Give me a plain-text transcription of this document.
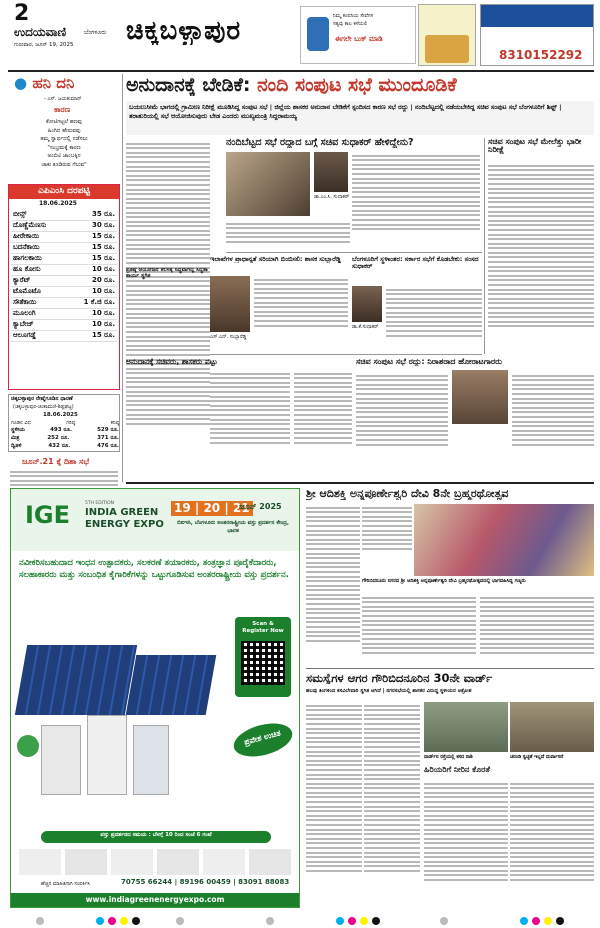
2
ಉದಯವಾಣಿ	ಬೆಂಗಳೂರು
ಗುರುವಾರ, ಜೂನ್ 19, 2025 ಚಿಕ್ಕಬಳ್ಳಾಪುರ	ನಿಮ್ಮ ಕಂಪನಿಯ ಸೇವೆಗಳ
ಸತ್ಯವು ಕಾಲ ಕಳೆಯಲಿ
ಈಗಲೇ ಬುಕ್ ಮಾಡಿ
8310152292
● ಹನಿ ದನಿ
- ಎಸ್. ಜಯಕುಮಾರ್
ಕಾರಣ
ಕೋಟಿಗಟ್ಟಲೆ ಹಣವು
ಹಿಂಗಿದ ಹೇರುವವು
ತಮ್ಮ ಸ್ವಾರ್ಥದಲ್ಲಿ ನಡೆಸಲು
"ಸಂಭ್ರಮಕ್ಕೆ ಕಾರಣ
ಅಂಬಿಟಿ ಜಾಂಬಕ್ಕಿನ
ಚಾಕು ಕೂಡಿರುವ ಗೆಲುವ"
ಎಪಿಎಂಸಿ ದರಪಟ್ಟಿ
18.06.2025
ಬೀನ್ಸ್	35 ರೂ.
ದೊಣ್ಣೆಮೆಣಸು	30 ರೂ.
ಹೀರೇಕಾಯಿ	15 ರೂ.
ಬದನೆಕಾಯಿ	15 ರೂ.
ಹಾಗಲಕಾಯಿ	15 ರೂ.
ಹೂ ಕೋಸು	10 ರೂ.
ಕ್ಯಾರೆಟ್	20 ರೂ.
ಟೊಮೊಟೊ	10 ರೂ.
ಸೌತೆಕಾಯಿ	1 ಕೆ.ಜಿ ರೂ.
ಮೂಲಂಗಿ	10 ರೂ.
ಕ್ಯಾಬೇಜ್	10 ರೂ.
ಆಲೂಗಡ್ಡೆ	15 ರೂ.
ಚಿಕ್ಕಬಳ್ಳಾಪುರ ರೇಷ್ಮೆಗೂಡಿನ ಧಾರಣೆ
(ಚಿಕ್ಕಬಳ್ಳಾಪುರ-ಚಿಂತಾಮಣಿ-ಶಿಡ್ಲಘಟ್ಟ)
18.06.2025
ಗೂಡಿನ ವಿಧ	ಗರಿಷ್ಠ	ಕನಿಷ್ಠ
ಸ್ಥಳೀಯ	493 ರೂ.	529 ರೂ.
ಮಿಶ್ರ	252 ರೂ.	371 ರೂ.
ದ್ವಿತಳಿ	432 ರೂ.	476 ರೂ.
ಜೂನ್.21 ಕ್ಕೆ ದಿಶಾ ಸಭೆ
ಅನುದಾನಕ್ಕೆ ಬೇಡಿಕೆ: ನಂದಿ ಸಂಪುಟ ಸಭೆ ಮುಂದೂಡಿಕೆ
ಬಯಲುಸೀಮೆ ಭಾಗದಲ್ಲಿ ಗ್ರಾಮೀಣ ನಿರೀಕ್ಷೆ ಮೂಡಿಸಿದ್ದ ಸಂಪುಟ ಸಭೆ | ಜಿಲ್ಲೆಯ ಶಾಸಕರ ಅನುದಾನ ಬೇಡಿಕೆಗೆ ಸ್ಪಂದಿಸದ ಕಾರಣ ಸಭೆ ರದ್ದು | ನಂದಿಬೆಟ್ಟದಲ್ಲಿ ನಡೆಯಬೇಕಿದ್ದ ಸಚಿವ ಸಂಪುಟ ಸಭೆ ಬೆಂಗಳೂರಿಗೆ ಶಿಫ್ಟ್ | ತರಾತುರಿಯಲ್ಲಿ ಸಭೆ ಆಯೋಜಿಸುವುದು ಬೇಡ ಎಂದರು ಮುಖ್ಯಮಂತ್ರಿ ಸಿದ್ದರಾಮಯ್ಯ
ನಂದಿಬೆಟ್ಟದ ಸಭೆ ರದ್ದಾದ ಬಗ್ಗೆ ಸಚಿವ ಸುಧಾಕರ್ ಹೇಳಿದ್ದೇನು?
ಡಾ.ಎಂ.ಸಿ. ಸುಧಾಕರ್
ಇಲಾಖೆಗಳ ಪ್ರಾಧಾನ್ಯತೆ ಸರಿಯಾಗಿ ಬಿಂಬಿಸಲಿ: ಶಾಸಕ ಸುಬ್ಬಾರೆಡ್ಡಿ
ಎಸ್.ಎನ್. ಸುಬ್ಬಾರೆಡ್ಡಿ
ಪ್ರತಿಷ್ಠೆ ಆಯೋಜನೆ ಕೆಲಸಕ್ಕೆ ಸಿದ್ಧವಾಗಿದ್ದ ಸಿದ್ಧತಾ ಕಾರ್ಯ ಸ್ಥಗಿತ
ಬೆಂಗಳೂರಿಗೆ ಸ್ಥಳಾಂತರ: ಸರ್ಕಾರ ಸಭೆಗೆ ಕೊಡಬೇಕು: ಸಂಸದ ಸುಧಾಕರ್
ಡಾ.ಕೆ.ಸುಧಾಕರ್
ಅನುದಾನಕ್ಕೆ ಸಚಿವರು, ಶಾಸಕರು ಪಟ್ಟು	ಸಚಿವ ಸಂಪುಟ ಸಭೆ ರದ್ದು: ನಿರಾಶರಾದ ಹೋರಾಟಗಾರರು
ಸಚಿವ ಸಂಪುಟ ಸಭೆ ಮೇಲೆತ್ತು ಭಾರೀ ನಿರೀಕ್ಷೆ
IGE	5TH EDITION
INDIA GREEN
ENERGY EXPO
19 | 20 | 21
ಜೂನ್ 2025
ಬಿಐಇಸಿ, ಬೆಂಗಳೂರು ಅಂತರರಾಷ್ಟ್ರೀಯ ವಸ್ತು ಪ್ರದರ್ಶನ ಕೇಂದ್ರ, ಭಾರತ
ನವೀಕರಿಸಬಹುದಾದ ಇಂಧನ ಉತ್ಪಾದಕರು, ಸಲಕರಣೆ ತಯಾರಕರು, ತಂತ್ರಜ್ಞಾನ ಪೂರೈಕೆದಾರರು, ಸಲಹಾಕಾರರು ಮತ್ತು ಸಂಬಂಧಿತ ಕೈಗಾರಿಕೆಗಳನ್ನು ಒಟ್ಟುಗೂಡಿಸುವ ಅಂತರರಾಷ್ಟ್ರೀಯ ವಸ್ತು ಪ್ರದರ್ಶನ.
Scan & Register Now
ಪ್ರವೇಶ ಉಚಿತ
ವಸ್ತು ಪ್ರದರ್ಶನದ ಸಮಯ : ಬೆಳಗ್ಗೆ 10 ರಿಂದ ಸಂಜೆ 6 ಗಂಟೆ
ಹೆಚ್ಚಿನ ಮಾಹಿತಿಗಾಗಿ ಸಂಪರ್ಕಿಸಿ	70755 66244 | 89196 00459 | 83091 88083
www.indiagreenenergyexpo.com
ಶ್ರೀ ಆದಿಶಕ್ತಿ ಅನ್ನಪೂರ್ಣೇಶ್ವರಿ ದೇವಿ 8ನೇ ಬ್ರಹ್ಮರಥೋತ್ಸವ
ಗೌರಿಬಿದನೂರು ನಗರದ ಶ್ರೀ ಆದಿಶಕ್ತಿ ಅನ್ನಪೂರ್ಣೇಶ್ವರಿ ದೇವಿ ಬ್ರಹ್ಮರಥೋತ್ಸವದಲ್ಲಿ ಭಾಗವಹಿಸಿದ್ದ ಗಣ್ಯರು
ಸಮಸ್ಯೆಗಳ ಆಗರ ಗೌರಿಬಿದನೂರಿನ 30ನೇ ವಾರ್ಡ್
ಹಲವು ತಿಂಗಳಿಂದ ಕಸವಿಲೇವಾರಿ ಸ್ಥಗಿತ ಆಗಿದೆ | ನಗರಸಭೆಯಲ್ಲಿ ಶಾಸಕರ ವಿರುದ್ಧ ಸ್ಥಳೀಯರ ಆಕ್ರೋಶ
ವಾರ್ಡ್‌ನ ರಸ್ತೆಯಲ್ಲಿ ಕಸದ ರಾಶಿ	ಚರಂಡಿ ಸ್ವಚ್ಛತೆ ಇಲ್ಲದೆ ದುರ್ವಾಸನೆ
ಹಿರಿಯರಿಗೆ ನೀರಿನ ಕೊರತೆ
